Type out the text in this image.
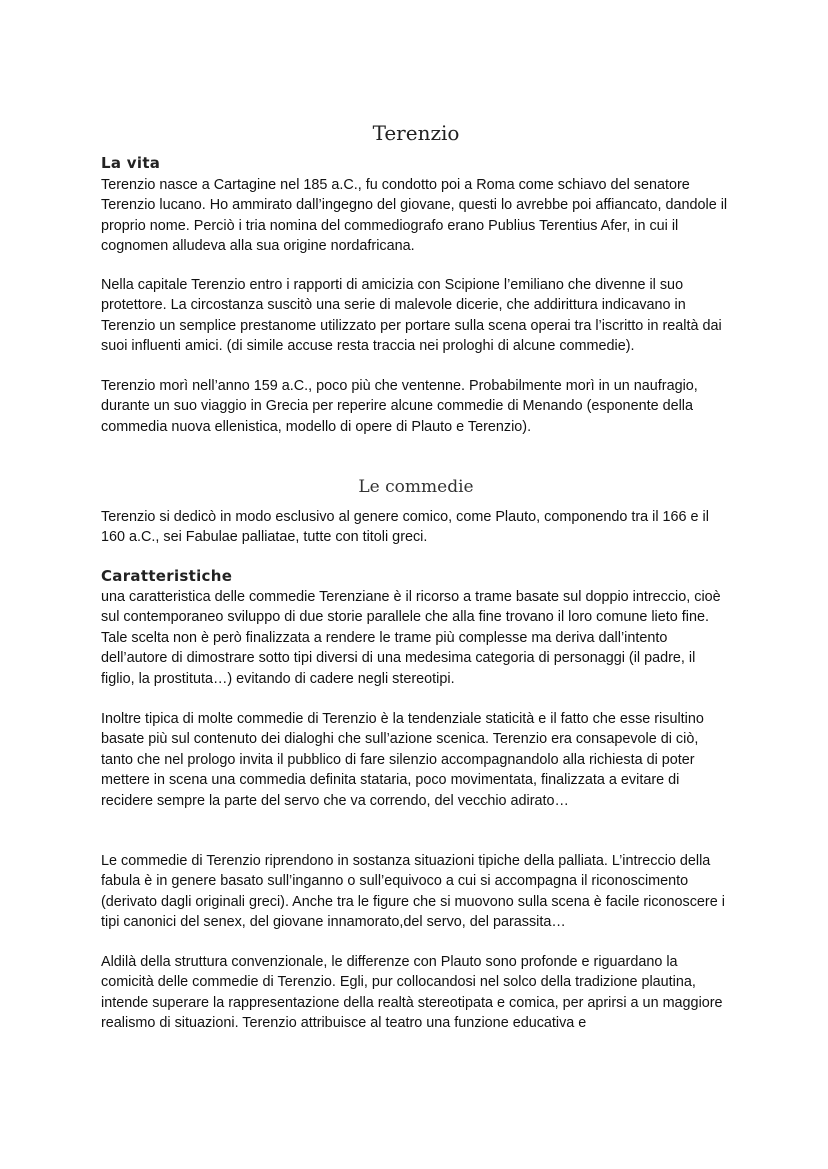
Terenzio
La vita

Terenzio nasce a Cartagine nel 185 a.C., fu condotto poi a Roma come schiavo del senatore Terenzio lucano. Ho ammirato dall’ingegno del giovane, questi lo avrebbe poi affiancato, dandole il proprio nome. Perciò i tria nomina del commediografo erano Publius Terentius Afer, in cui il cognomen alludeva alla sua origine nordafricana.

Nella capitale Terenzio entro i rapporti di amicizia con Scipione l’emiliano che divenne il suo protettore. La circostanza suscitò una serie di malevole dicerie, che addirittura indicavano in Terenzio un semplice prestanome utilizzato per portare sulla scena operai tra l’iscritto in realtà dai suoi influenti amici. (di simile accuse resta traccia nei prologhi di alcune commedie).

Terenzio morì nell’anno 159 a.C., poco più che ventenne. Probabilmente morì in un naufragio, durante un suo viaggio in Grecia per reperire alcune commedie di Menando (esponente della commedia nuova ellenistica, modello di opere di Plauto e Terenzio).

Le commedie

Terenzio si dedicò in modo esclusivo al genere comico, come Plauto, componendo tra il 166 e il 160 a.C., sei Fabulae palliatae, tutte con titoli greci.

Caratteristiche

una caratteristica delle commedie Terenziane è il ricorso a trame basate sul doppio intreccio, cioè sul contemporaneo sviluppo di due storie parallele che alla fine trovano il loro comune lieto fine. Tale scelta non è però finalizzata a rendere le trame più complesse ma deriva dall’intento dell’autore di dimostrare sotto tipi diversi di una medesima categoria di personaggi (il padre, il figlio, la prostituta…) evitando di cadere negli stereotipi.

Inoltre tipica di molte commedie di Terenzio è la tendenziale staticità e il fatto che esse risultino basate più sul contenuto dei dialoghi che sull’azione scenica. Terenzio era consapevole di ciò, tanto che nel prologo invita il pubblico di fare silenzio accompagnandolo alla richiesta di poter mettere in scena una commedia definita stataria, poco movimentata, finalizzata a evitare di recidere sempre la parte del servo che va correndo, del vecchio adirato…

Le commedie di Terenzio riprendono in sostanza situazioni tipiche della palliata. L’intreccio della fabula è in genere basato sull’inganno o sull’equivoco a cui si accompagna il riconoscimento (derivato dagli originali greci). Anche tra le figure che si muovono sulla scena è facile riconoscere i tipi canonici del senex, del giovane innamorato,del servo, del parassita…

Aldilà della struttura convenzionale, le differenze con Plauto sono profonde e riguardano la comicità delle commedie di Terenzio. Egli, pur collocandosi nel solco della tradizione plautina, intende superare la rappresentazione della realtà stereotipata e comica, per aprirsi a un maggiore realismo di situazioni. Terenzio attribuisce al teatro una funzione educativa e
